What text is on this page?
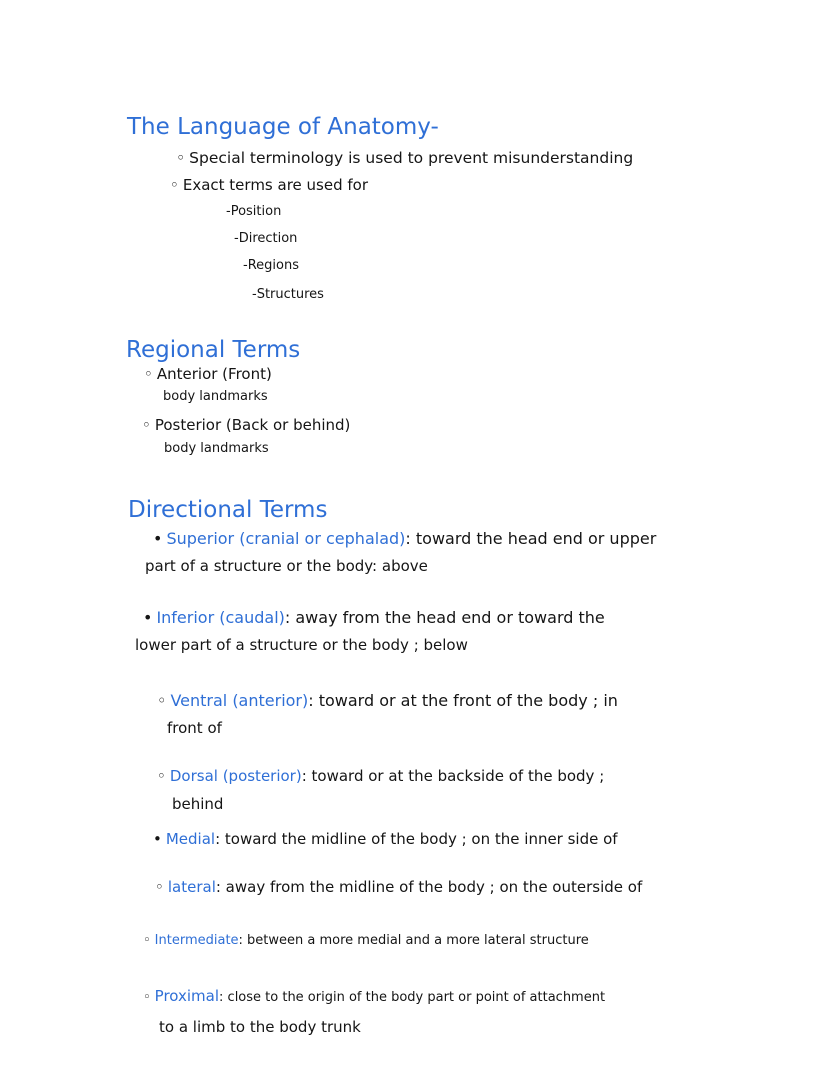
The Language of Anatomy-
◦ Special terminology is used to prevent misunderstanding
◦ Exact terms are used for
-Position
-Direction
-Regions
-Structures
Regional Terms
◦ Anterior (Front)
body landmarks
◦ Posterior (Back or behind)
body landmarks
Directional Terms
• Superior (cranial or cephalad): toward the head end or upper
part of a structure or the body: above
• Inferior (caudal): away from the head end or toward the
lower part of a structure or the body ; below
◦ Ventral (anterior): toward or at the front of the body ; in
front of
◦ Dorsal (posterior): toward or at the backside of the body ;
behind
• Medial: toward the midline of the body ; on the inner side of
◦ lateral: away from the midline of the body ; on the outerside of
◦ Intermediate: between a more medial and a more lateral structure
◦ Proximal: close to the origin of the body part or point of attachment
to a limb to the body trunk
